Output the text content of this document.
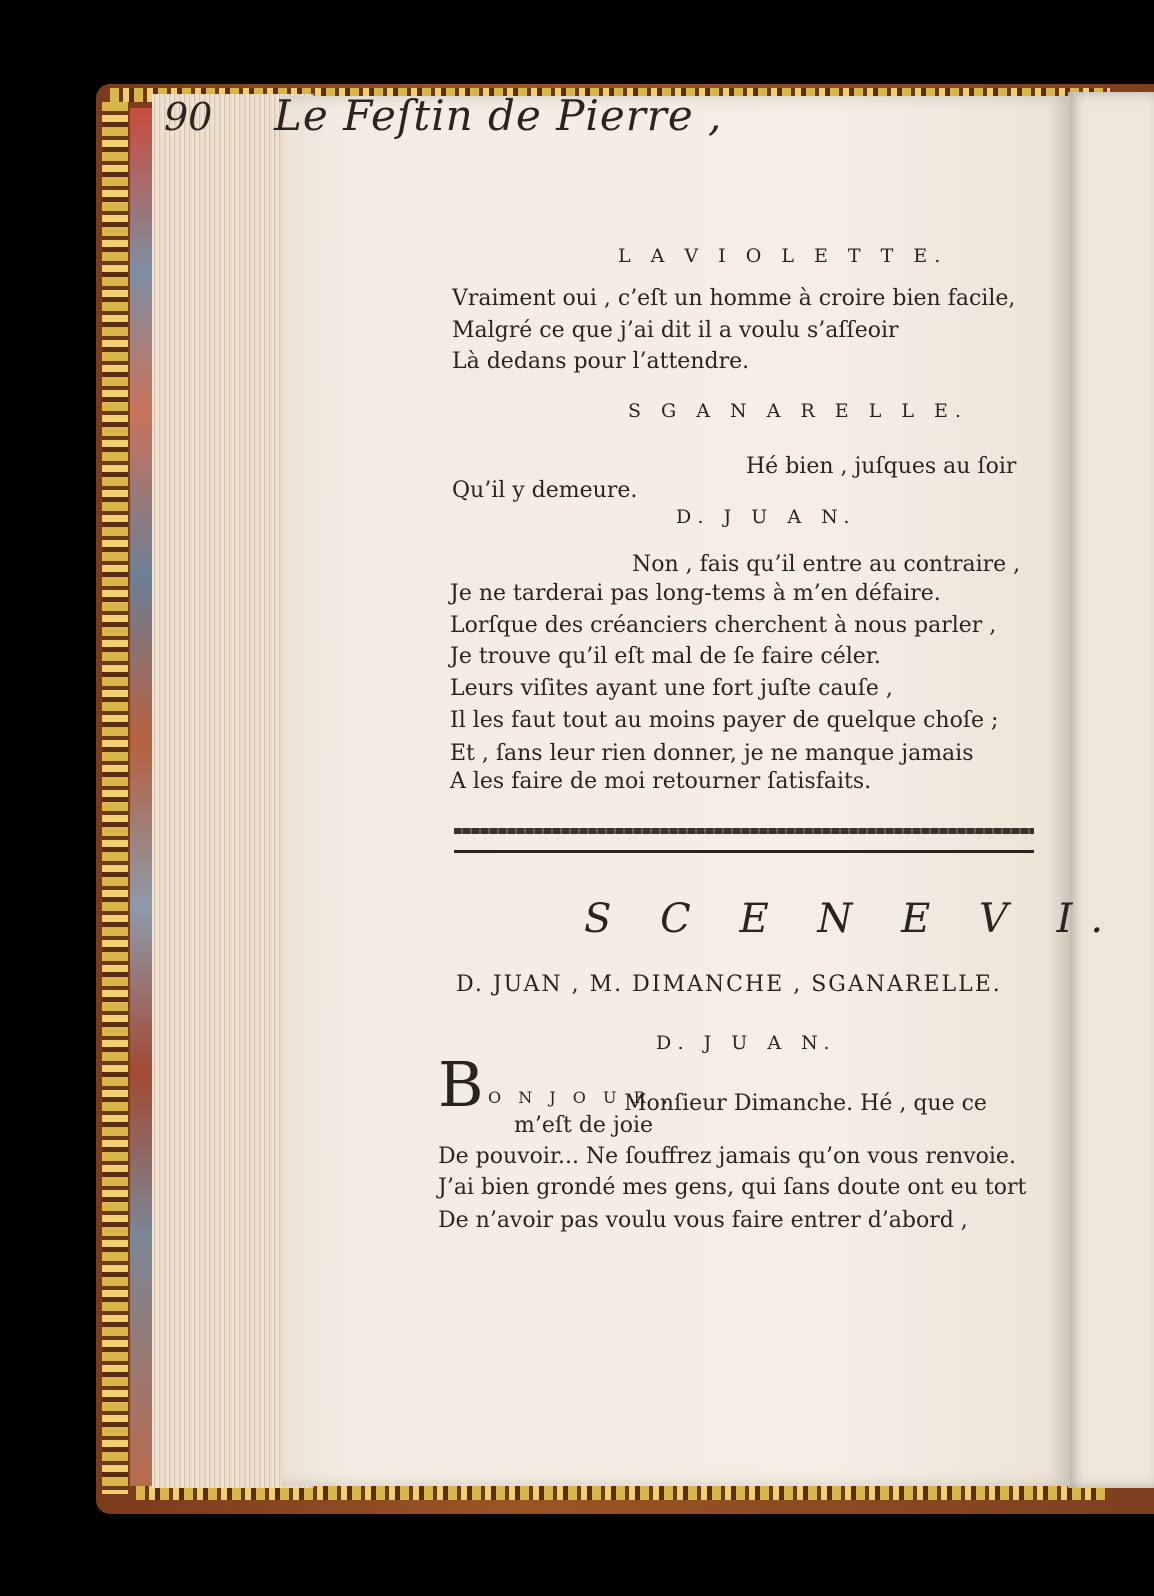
90 Le Feſtin de Pierre ,
L A V I O L E T T E.
Vraiment oui , c’eſt un homme à croire bien facile,
Malgré ce que j’ai dit il a voulu s’aſſeoir
Là dedans pour l’attendre.
S G A N A R E L L E.
Hé bien , juſques au ſoir
Qu’il y demeure.
D. J U A N.
Non , fais qu’il entre au contraire ,
Je ne tarderai pas long-tems à m’en défaire.
Lorſque des créanciers cherchent à nous parler ,
Je trouve qu’il eſt mal de ſe faire céler.
Leurs viſites ayant une fort juſte cauſe ,
Il les faut tout au moins payer de quelque choſe ;
Et , ſans leur rien donner, je ne manque jamais
A les faire de moi retourner ſatisfaits.
S C E N E V I.
D. JUAN , M. DIMANCHE , SGANARELLE.
D. J U A N.
B O N J O U R ,
Monſieur Dimanche. Hé , que ce
m’eſt de joie
De pouvoir... Ne ſouffrez jamais qu’on vous renvoie.
J’ai bien grondé mes gens, qui ſans doute ont eu tort
De n’avoir pas voulu vous faire entrer d’abord ,
